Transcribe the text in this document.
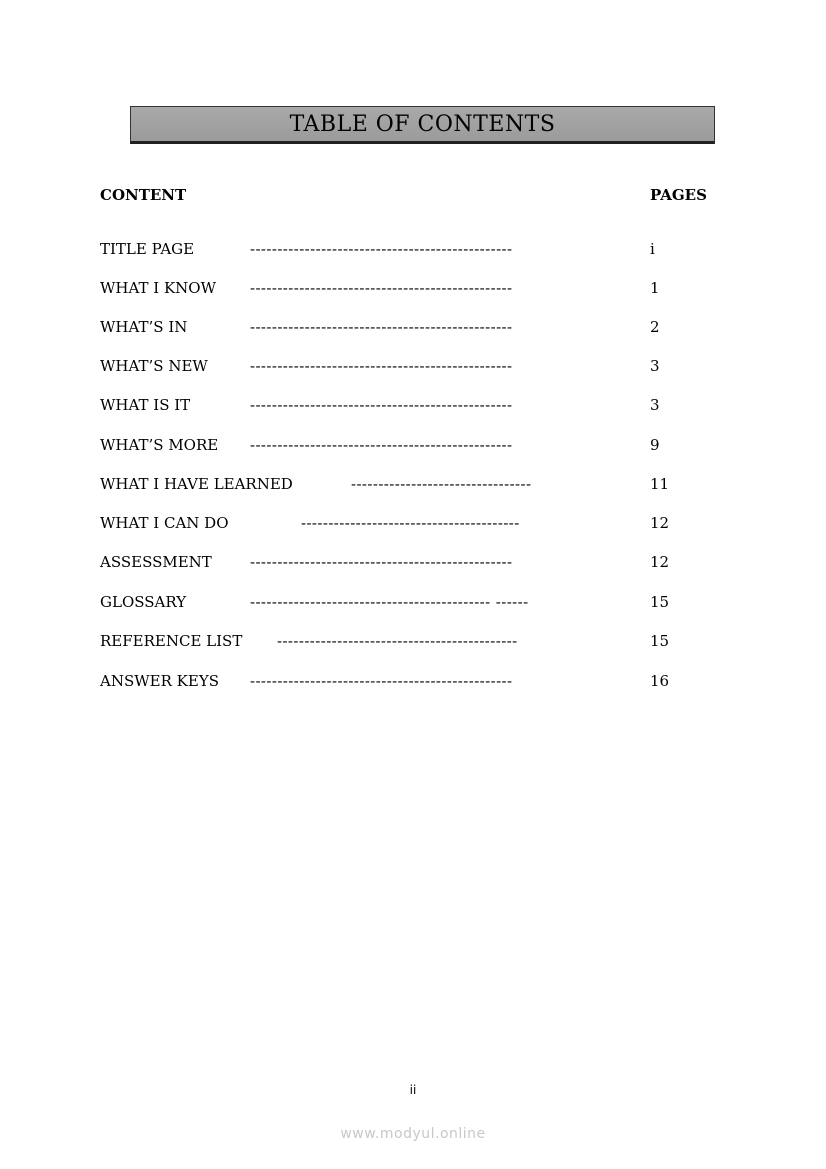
TABLE OF CONTENTS
CONTENT	PAGES
TITLE PAGE	------------------------------------------------	i
WHAT I KNOW ------------------------------------------------	1
WHAT’S IN	------------------------------------------------	2
WHAT’S NEW	------------------------------------------------	3
WHAT IS IT	------------------------------------------------	3
WHAT’S MORE ------------------------------------------------	9
WHAT I HAVE LEARNED	---------------------------------	11
WHAT I CAN DO	----------------------------------------	12
ASSESSMENT	------------------------------------------------	12
GLOSSARY	-------------------------------------------- ------	15
REFERENCE LIST --------------------------------------------	15
ANSWER KEYS ------------------------------------------------	16
ii
www.modyul.online
